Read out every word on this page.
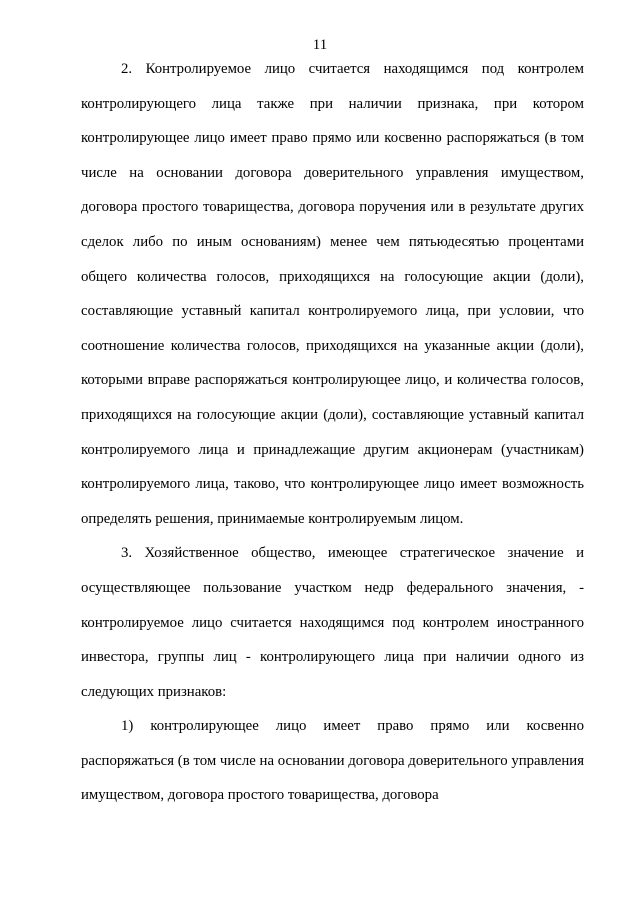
11

2. Контролируемое лицо считается находящимся под контролем контролирующего лица также при наличии признака, при котором контролирующее лицо имеет право прямо или косвенно распоряжаться (в том числе на основании договора доверительного управления имуществом, договора простого товарищества, договора поручения или в результате других сделок либо по иным основаниям) менее чем пятьюдесятью процентами общего количества голосов, приходящихся на голосующие акции (доли), составляющие уставный капитал контролируемого лица, при условии, что соотношение количества голосов, приходящихся на указанные акции (доли), которыми вправе распоряжаться контролирующее лицо, и количества голосов, приходящихся на голосующие акции (доли), составляющие уставный капитал контролируемого лица и принадлежащие другим акционерам (участникам) контролируемого лица, таково, что контролирующее лицо имеет возможность определять решения, принимаемые контролируемым лицом.

3. Хозяйственное общество, имеющее стратегическое значение и осуществляющее пользование участком недр федерального значения, - контролируемое лицо считается находящимся под контролем иностранного инвестора, группы лиц - контролирующего лица при наличии одного из следующих признаков:

1) контролирующее лицо имеет право прямо или косвенно распоряжаться (в том числе на основании договора доверительного управления имуществом, договора простого товарищества, договора
